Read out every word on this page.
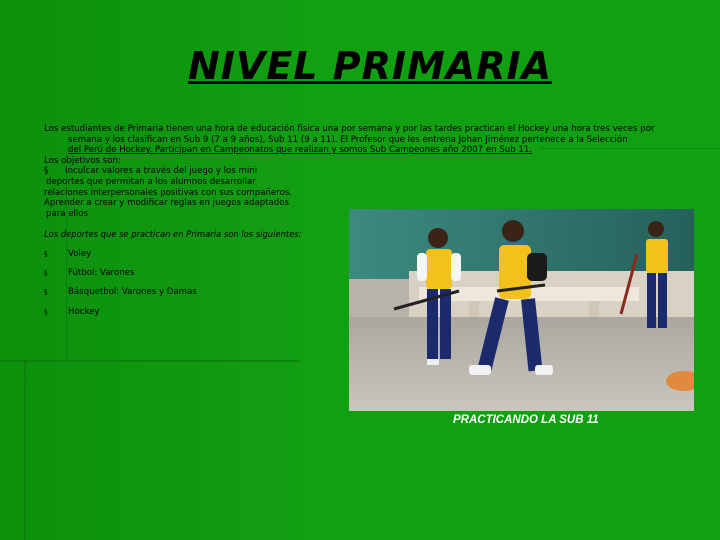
NIVEL PRIMARIA
Los estudiantes de Primaria tienen una hora de educación física una por semana y por las tardes practican el Hockey una hora tres veces por
semana y los clasifican en Sub 9 (7 a 9 años), Sub 11 (9 a 11). El Profesor que les entrena Johan Jiménez pertenece a la Selección
del Perú de Hockey. Participan en Campeonatos que realizan y somos Sub Campeones año 2007 en Sub 11.
Los objetivos son:
§ Inculcar valores a través del juego y los mini
deportes que permitan a los alumnos desarrollar
relaciones interpersonales positivas con sus compañeros.
Aprender a crear y modificar reglas en juegos adaptados
para ellos
Los deportes que se practican en Primaria son los siguientes:
§ Voley
§ Fútbol: Varones
§ Básquetbol: Varones y Damas
§ Hockey
PRACTICANDO LA SUB 11
